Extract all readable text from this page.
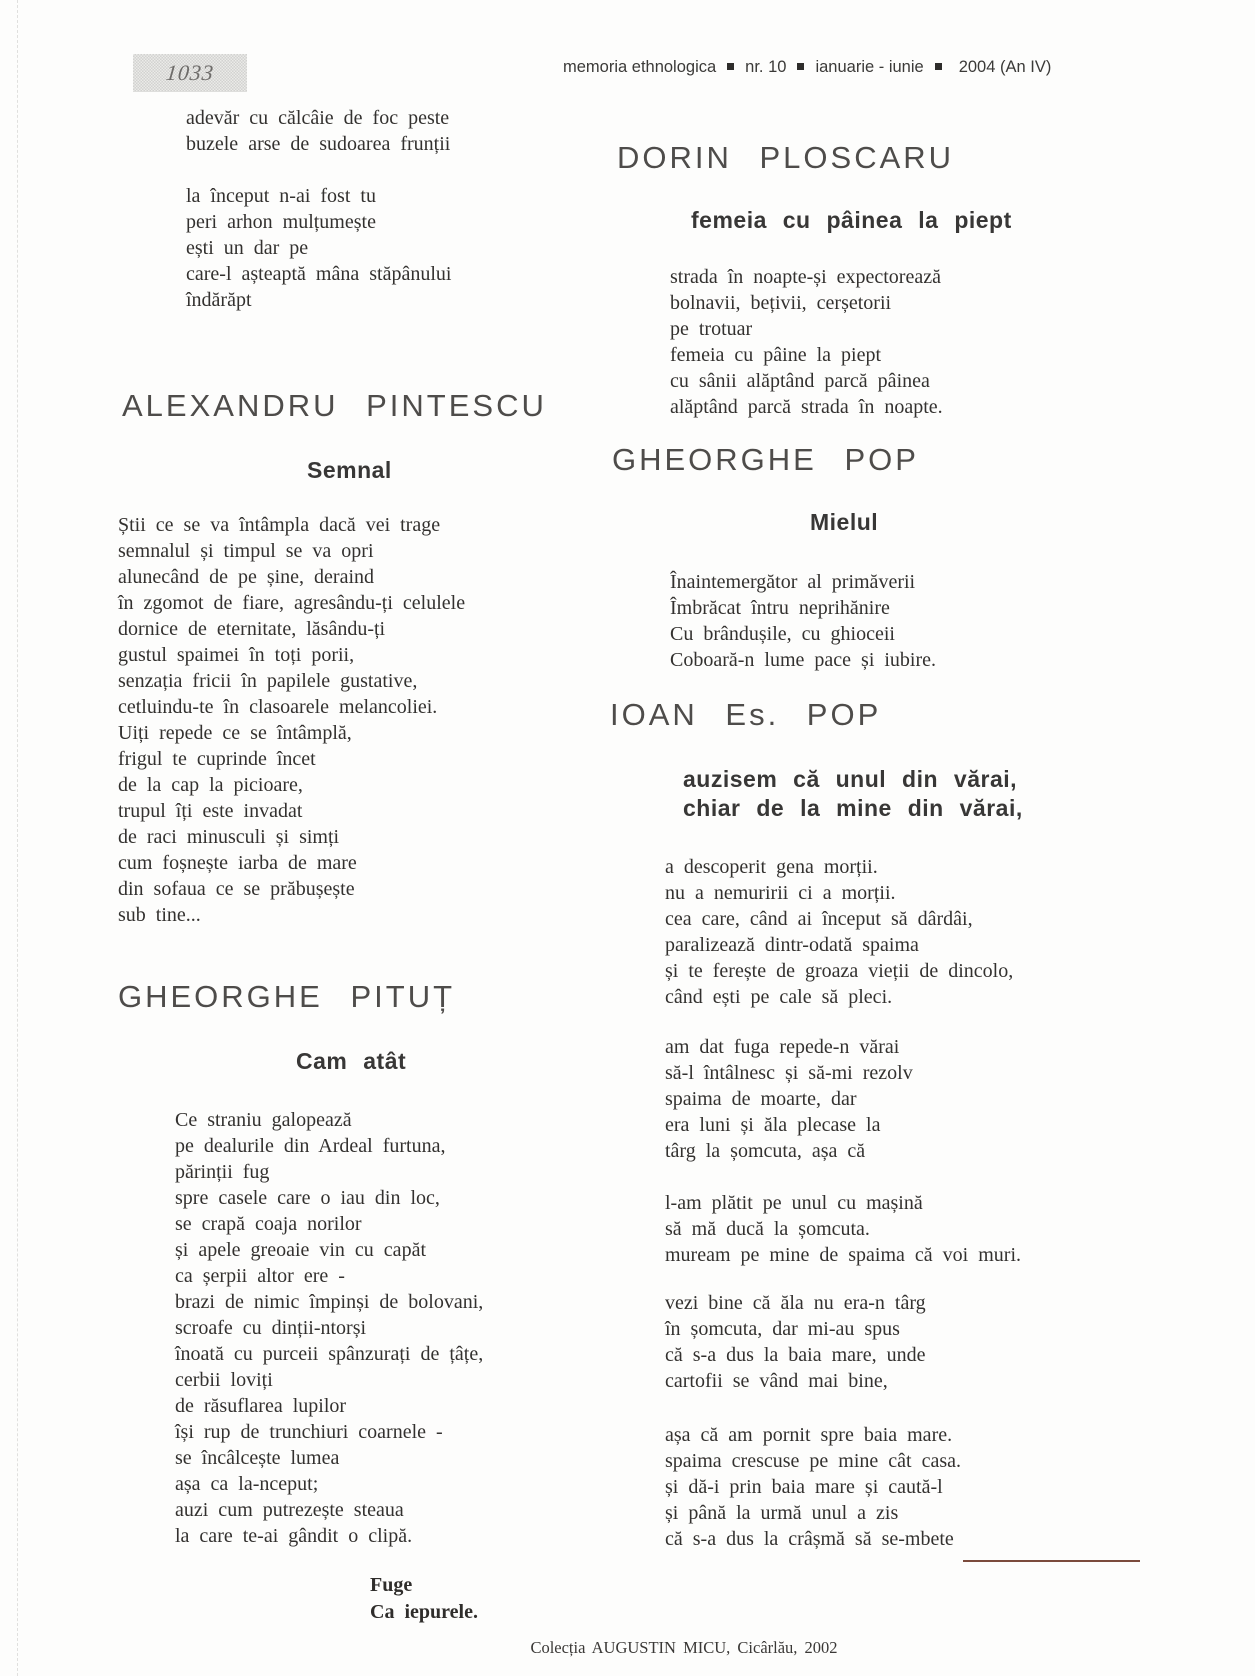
1033	memoria ethnologica nr. 10 ianuarie - iunie 2004 (An IV)
adevăr cu călcâie de foc peste
buzele arse de sudoarea frunții
la început n-ai fost tu
peri arhon mulțumește
ești un dar pe
care-l așteaptă mâna stăpânului
îndărăpt
ALEXANDRU PINTESCU
Semnal
Știi ce se va întâmpla dacă vei trage
semnalul și timpul se va opri
alunecând de pe șine, deraind
în zgomot de fiare, agresându-ți celulele
dornice de eternitate, lăsându-ți
gustul spaimei în toți porii,
senzația fricii în papilele gustative,
cetluindu-te în clasoarele melancoliei.
Uiți repede ce se întâmplă,
frigul te cuprinde încet
de la cap la picioare,
trupul îți este invadat
de raci minusculi și simți
cum foșnește iarba de mare
din sofaua ce se prăbușește
sub tine...
GHEORGHE PITUȚ
Cam atât
Ce straniu galopează
pe dealurile din Ardeal furtuna,
părinții fug
spre casele care o iau din loc,
se crapă coaja norilor
și apele greoaie vin cu capăt
ca șerpii altor ere -
brazi de nimic împinși de bolovani,
scroafe cu dinții-ntorși
înoată cu purceii spânzurați de țâțe,
cerbii loviți
de răsuflarea lupilor
își rup de trunchiuri coarnele -
se încâlcește lumea
așa ca la-nceput;
auzi cum putrezește steaua
la care te-ai gândit o clipă.
Fuge
Ca iepurele.
DORIN PLOSCARU
femeia cu pâinea la piept
strada în noapte-și expectorează
bolnavii, bețivii, cerșetorii
pe trotuar
femeia cu pâine la piept
cu sânii alăptând parcă pâinea
alăptând parcă strada în noapte.
GHEORGHE POP
Mielul
Înaintemergător al primăverii
Îmbrăcat întru neprihănire
Cu brândușile, cu ghioceii
Coboară-n lume pace și iubire.
IOAN Es. POP
auzisem că unul din vărai,
chiar de la mine din vărai,
a descoperit gena morții.
nu a nemuririi ci a morții.
cea care, când ai început să dârdâi,
paralizează dintr-odată spaima
și te ferește de groaza vieții de dincolo,
când ești pe cale să pleci.
am dat fuga repede-n vărai
să-l întâlnesc și să-mi rezolv
spaima de moarte, dar
era luni și ăla plecase la
târg la șomcuta, așa că
l-am plătit pe unul cu mașină
să mă ducă la șomcuta.
muream pe mine de spaima că voi muri.
vezi bine că ăla nu era-n târg
în șomcuta, dar mi-au spus
că s-a dus la baia mare, unde
cartofii se vând mai bine,
așa că am pornit spre baia mare.
spaima crescuse pe mine cât casa.
și dă-i prin baia mare și caută-l
și până la urmă unul a zis
că s-a dus la crâșmă să se-mbete
Colecția AUGUSTIN MICU, Cicârlău, 2002
